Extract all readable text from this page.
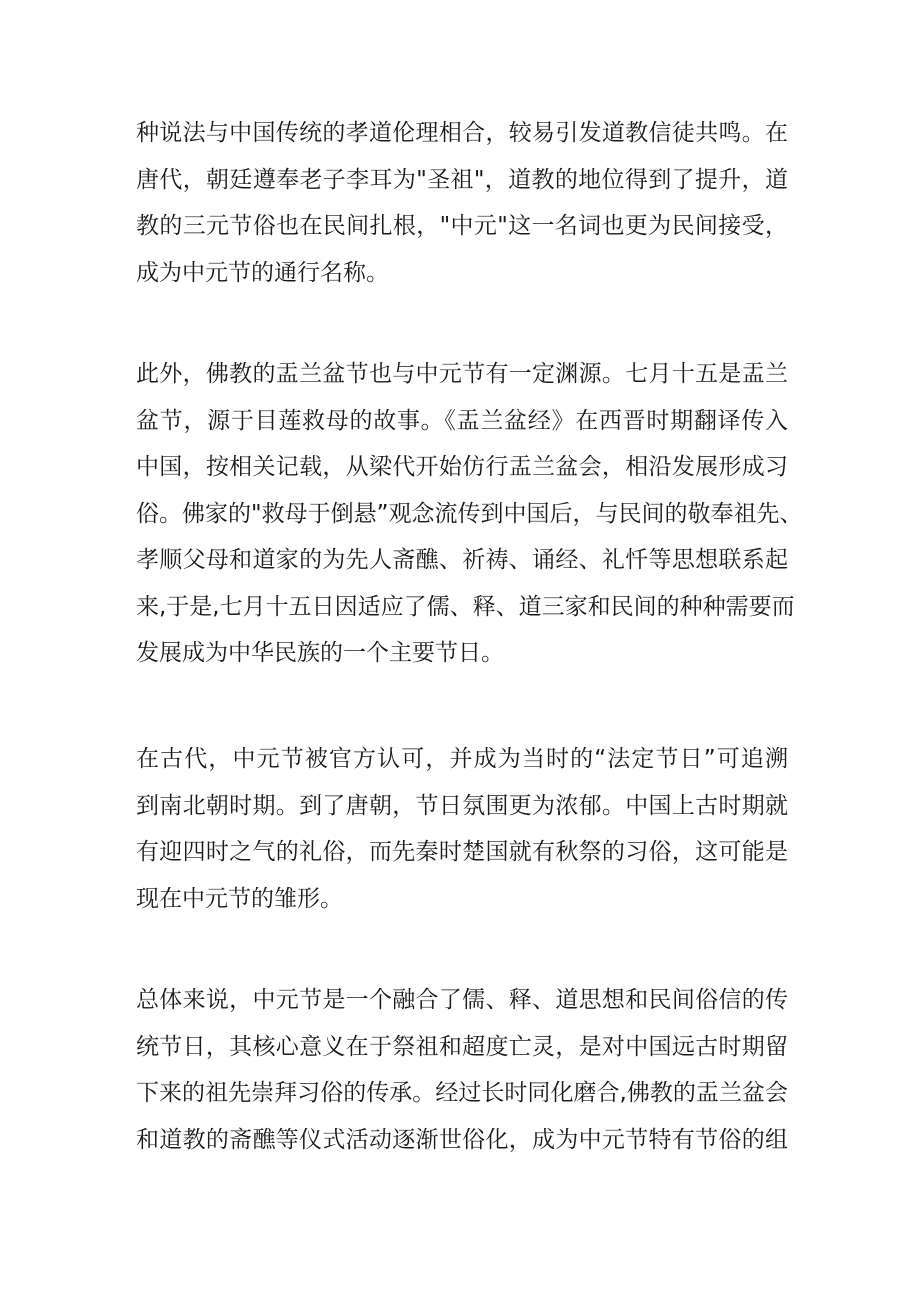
种说法与中国传统的孝道伦理相合，较易引发道教信徒共鸣。在
唐代，朝廷遵奉老子李耳为"圣祖"，道教的地位得到了提升，道
教的三元节俗也在民间扎根，"中元"这一名词也更为民间接受，
成为中元节的通行名称。
此外，佛教的盂兰盆节也与中元节有一定渊源。七月十五是盂兰
盆节，源于目莲救母的故事。《盂兰盆经》在西晋时期翻译传入
中国，按相关记载，从梁代开始仿行盂兰盆会，相沿发展形成习
俗。佛家的"救母于倒悬”观念流传到中国后，与民间的敬奉祖先、
孝顺父母和道家的为先人斋醮、祈祷、诵经、礼忏等思想联系起
来,于是,七月十五日因适应了儒、释、道三家和民间的种种需要而
发展成为中华民族的一个主要节日。
在古代，中元节被官方认可，并成为当时的“法定节日”可追溯
到南北朝时期。到了唐朝，节日氛围更为浓郁。中国上古时期就
有迎四时之气的礼俗，而先秦时楚国就有秋祭的习俗，这可能是
现在中元节的雏形。
总体来说，中元节是一个融合了儒、释、道思想和民间俗信的传
统节日，其核心意义在于祭祖和超度亡灵，是对中国远古时期留
下来的祖先崇拜习俗的传承。经过长时同化磨合,佛教的盂兰盆会
和道教的斋醮等仪式活动逐渐世俗化，成为中元节特有节俗的组
